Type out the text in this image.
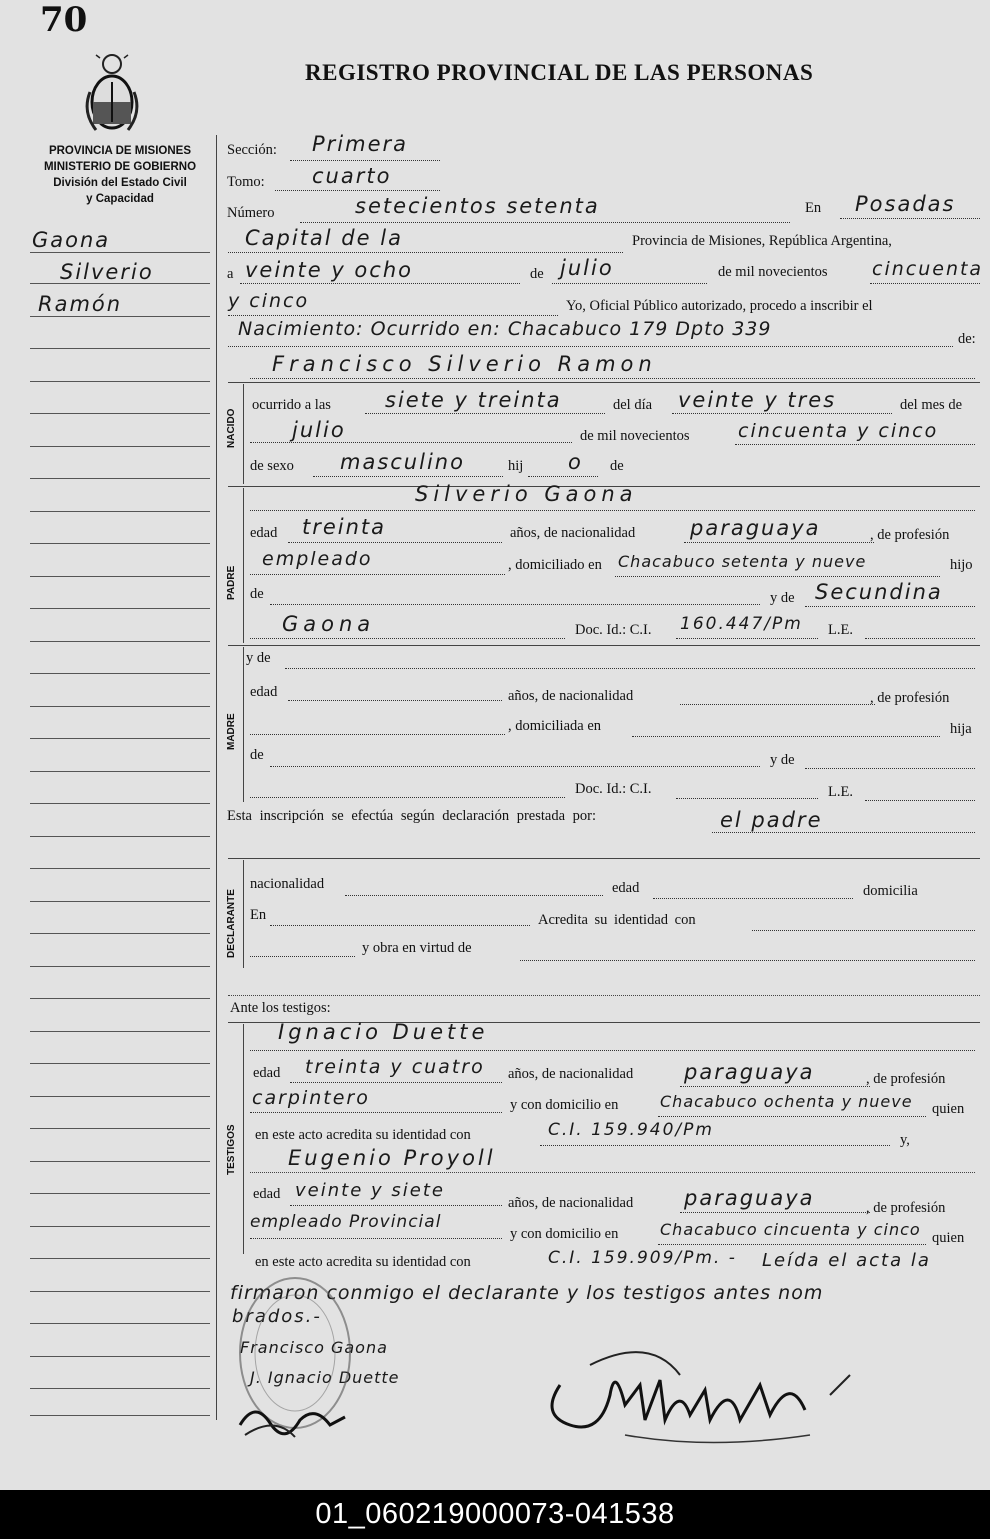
70
REGISTRO PROVINCIAL DE LAS PERSONAS
PROVINCIA DE MISIONES
MINISTERIO DE GOBIERNO
División del Estado Civil
y Capacidad
Gaona
Silverio
Ramón
Sección: Primera
Tomo: cuarto
Número	setecientos setenta	En Posadas
Capital de la	Provincia de Misiones, República Argentina,
a veinte y ocho	de julio	de mil novecientos cincuenta
y cinco	Yo, Oficial Público autorizado, procedo a inscribir el
Nacimiento: Ocurrido en: Chacabuco 179 Dpto 339	de:
NACIDO
Francisco Silverio Ramon
ocurrido a las	siete y treinta	del día veinte y tres	del mes de
julio	de mil novecientos	cincuenta y cinco
de sexo masculino	hij o de
PADRE
Silverio Gaona
edad treinta	años, de nacionalidad	paraguaya	, de profesión
empleado	, domiciliado en Chacabuco setenta y nueve	hijo
de	y de Secundina
Gaona	Doc. Id.: C.I. 160.447/Pm L.E.
MADRE
y de
edad	años, de nacionalidad	, de profesión
, domiciliada en	hija
de	y de
Doc. Id.: C.I.	L.E.
Esta inscripción se efectúa según declaración prestada por:	el padre
DECLARANTE
nacionalidad	edad	domicilia
En	Acredita su identidad con
y obra en virtud de
Ante los testigos:
TESTIGOS
Ignacio Duette
edad treinta y cuatro años, de nacionalidad paraguaya	, de profesión
carpintero	y con domicilio en	Chacabuco ochenta y nueve quien
en este acto acredita su identidad con	C.I. 159.940/Pm	y,
Eugenio Proyoll
edad veinte y siete
años, de nacionalidad paraguaya	, de profesión
empleado Provincial
y con domicilio en	Chacabuco cincuenta y cinco quien
en este acto acredita su identidad con	C.I. 159.909/Pm. - Leída el acta la
firmaron conmigo el declarante y los testigos antes nom
brados.-
Francisco Gaona
J. Ignacio Duette
01_060219000073-041538
